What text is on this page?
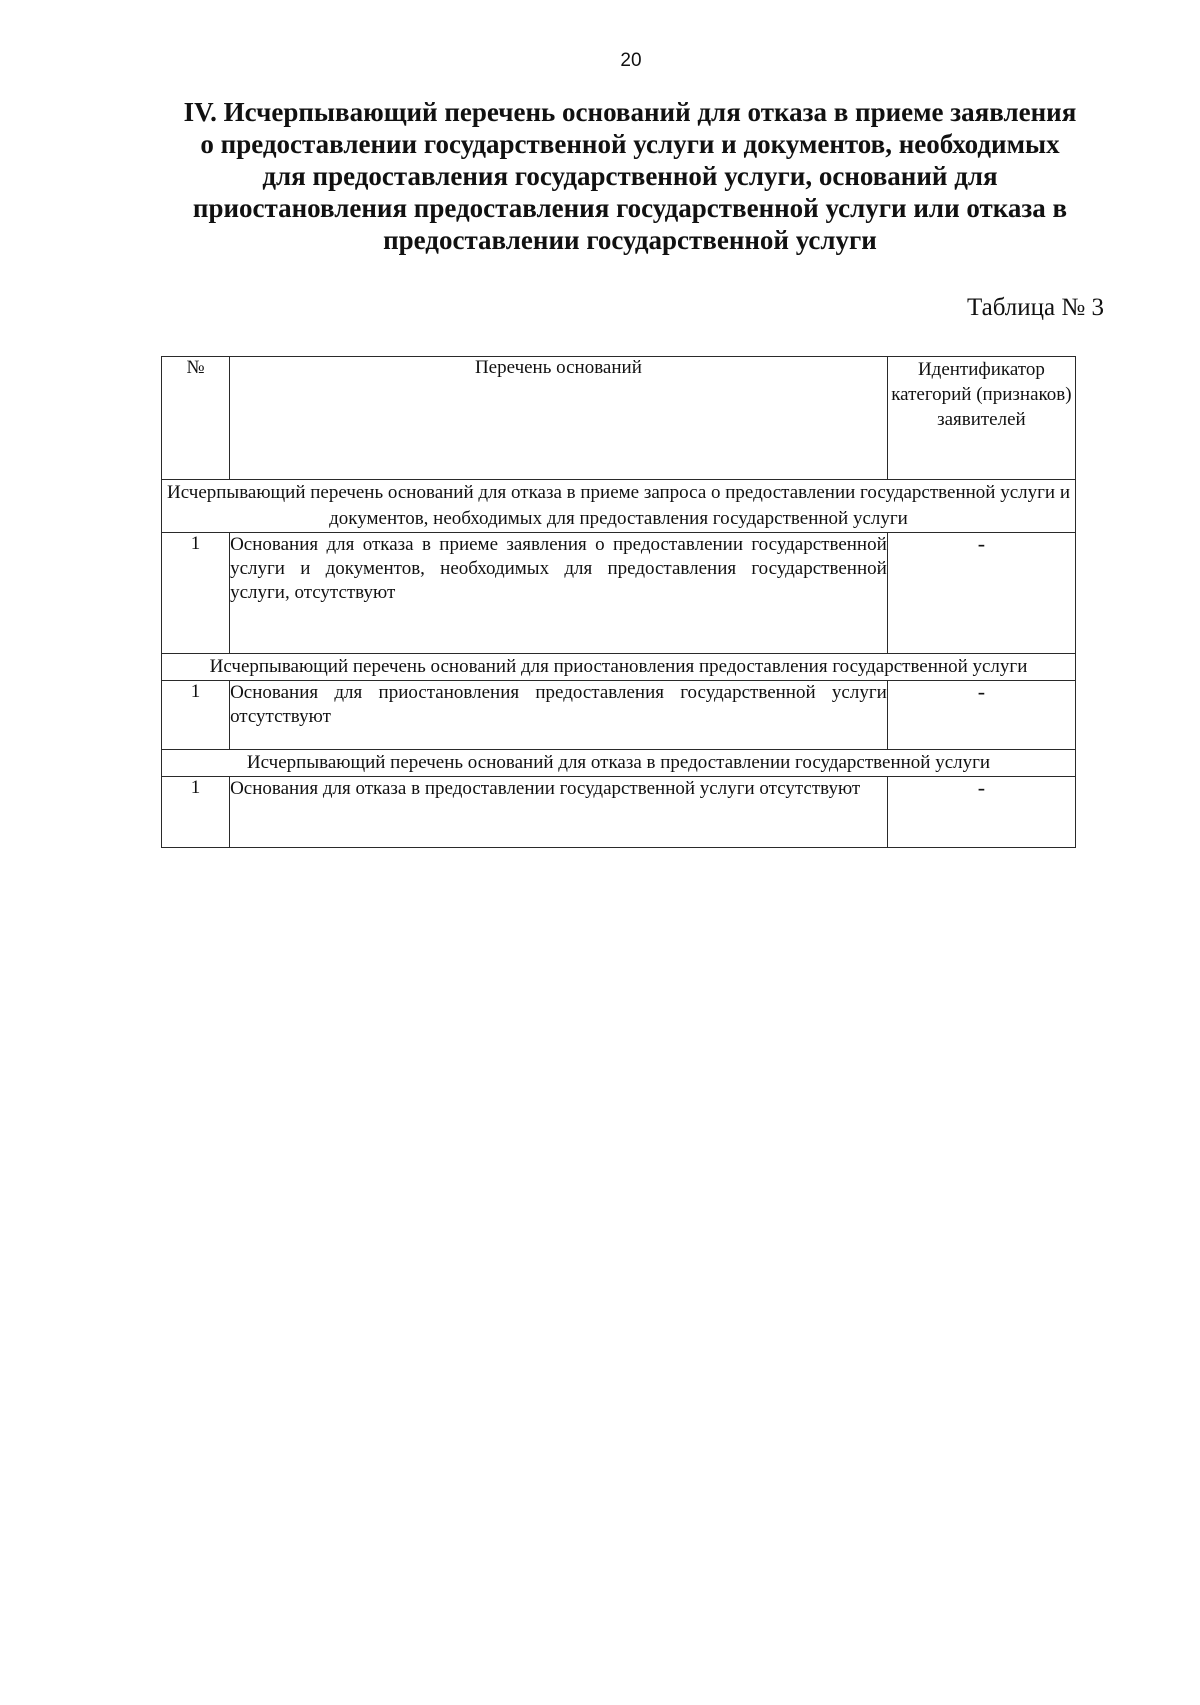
20
IV. Исчерпывающий перечень оснований для отказа в приеме заявления
о предоставлении государственной услуги и документов, необходимых
для предоставления государственной услуги, оснований для
приостановления предоставления государственной услуги или отказа в
предоставлении государственной услуги
Таблица № 3
№	Перечень оснований	Идентификатор категорий (признаков) заявителей
Исчерпывающий перечень оснований для отказа в приеме запроса о предоставлении государственной услуги и документов, необходимых для предоставления государственной услуги		
1	Основания для отказа в приеме заявления о предоставлении государственной услуги и документов, необходимых для предоставления государственной услуги, отсутствуют	-
Исчерпывающий перечень оснований для приостановления предоставления государственной услуги		
1	Основания для приостановления предоставления государственной услуги отсутствуют	-
Исчерпывающий перечень оснований для отказа в предоставлении государственной услуги		
1	Основания для отказа в предоставлении государственной услуги отсутствуют	-
